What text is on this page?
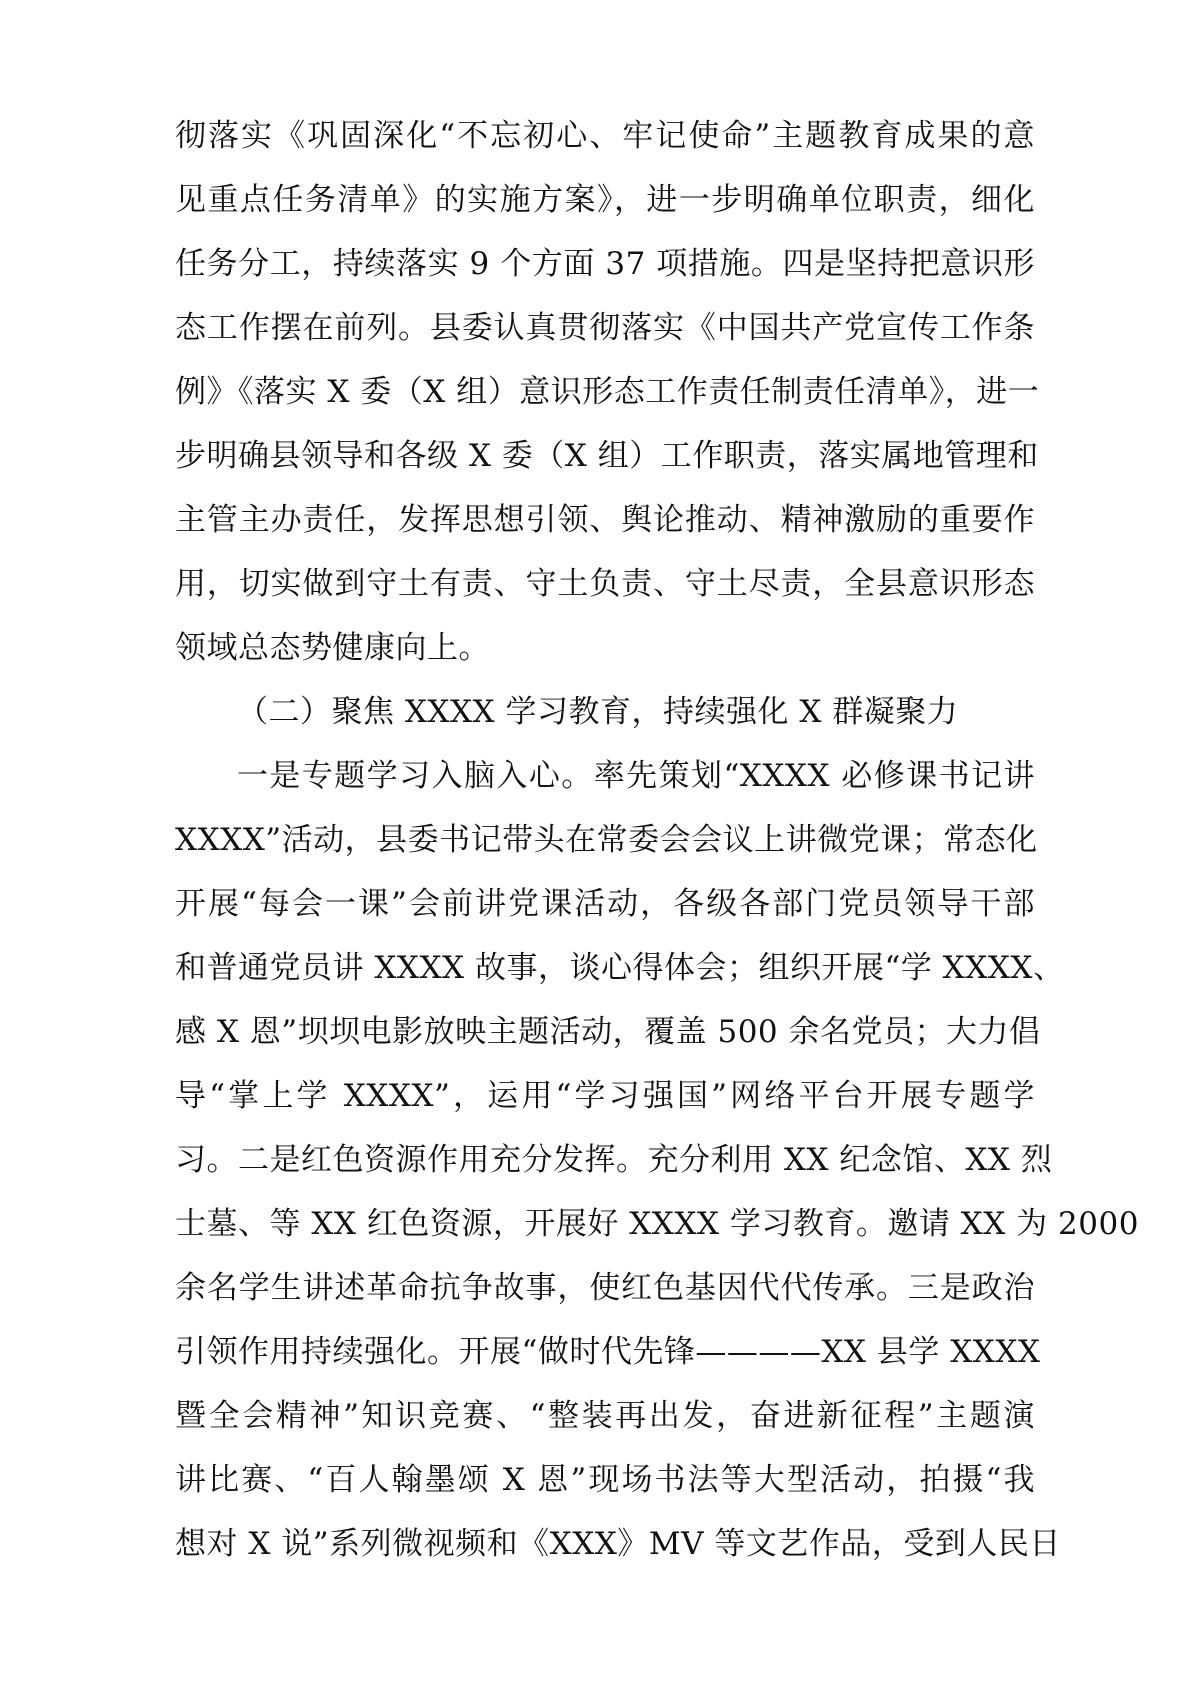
彻落实《巩固深化“不忘初心、牢记使命”主题教育成果的意
见重点任务清单》的实施方案》，进一步明确单位职责，细化
任务分工，持续落实 9 个方面 37 项措施。四是坚持把意识形
态工作摆在前列。县委认真贯彻落实《中国共产党宣传工作条
例》《落实 X 委（X 组）意识形态工作责任制责任清单》，进一
步明确县领导和各级 X 委（X 组）工作职责，落实属地管理和
主管主办责任，发挥思想引领、舆论推动、精神激励的重要作
用，切实做到守土有责、守土负责、守土尽责，全县意识形态
领域总态势健康向上。
（二）聚焦 XXXX 学习教育，持续强化 X 群凝聚力
一是专题学习入脑入心。率先策划“XXXX 必修课书记讲
XXXX”活动，县委书记带头在常委会会议上讲微党课；常态化
开展“每会一课”会前讲党课活动，各级各部门党员领导干部
和普通党员讲 XXXX 故事，谈心得体会；组织开展“学 XXXX、
感 X 恩”坝坝电影放映主题活动，覆盖 500 余名党员；大力倡
导“掌上学 XXXX”，运用“学习强国”网络平台开展专题学
习。二是红色资源作用充分发挥。充分利用 XX 纪念馆、XX 烈
士墓、等 XX 红色资源，开展好 XXXX 学习教育。邀请 XX 为 2000
余名学生讲述革命抗争故事，使红色基因代代传承。三是政治
引领作用持续强化。开展“做时代先锋————XX 县学 XXXX
暨全会精神”知识竞赛、“整装再出发，奋进新征程”主题演
讲比赛、“百人翰墨颂 X 恩”现场书法等大型活动，拍摄“我
想对 X 说”系列微视频和《XXX》MV 等文艺作品，受到人民日
